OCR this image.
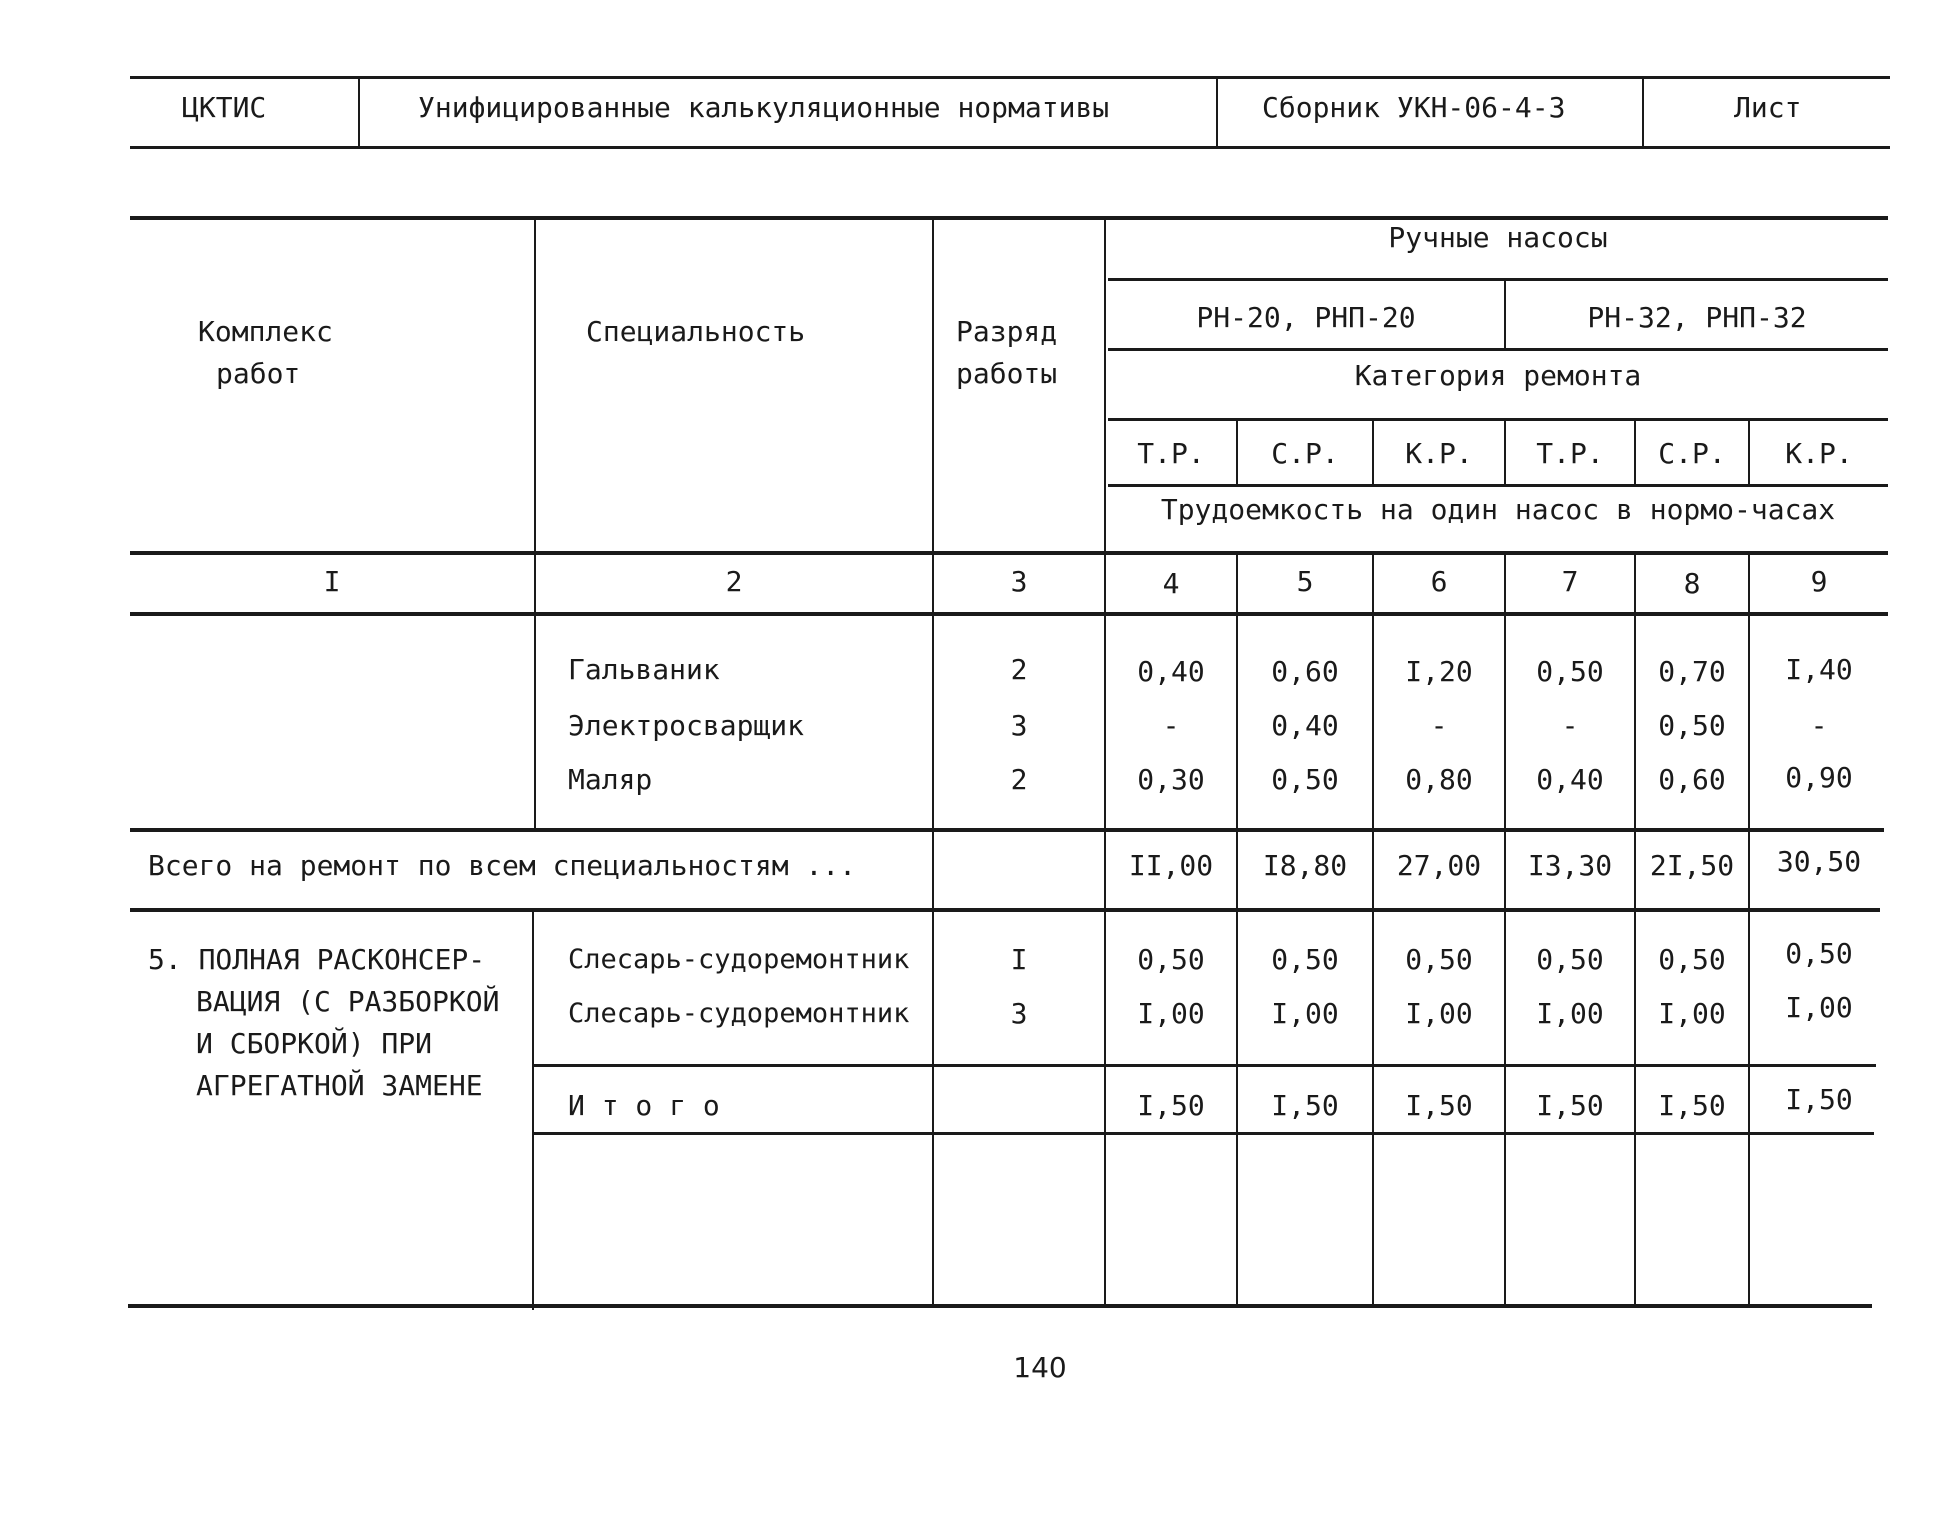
ЦКТИС	Унифицированные калькуляционные нормативы	Сборник УКН-06-4-3	Лист
Комплекс
работ
Специальность	Разряд
работы
Ручные насосы
РН-20, РНП-20	РН-32, РНП-32
Категория ремонта
Т.Р.	С.Р.	К.Р.	Т.Р.	С.Р.	К.Р.
Трудоемкость на один насос в нормо-часах
I	2	3	4	5	6	7	8	9
Гальваник	2	0,40	0,60	I,20	0,50	0,70	I,40
Электросварщик	3	-	0,40	-	-	0,50	-
Маляр	2	0,30	0,50	0,80	0,40	0,60	0,90
Всего на ремонт по всем специальностям ...	II,00	I8,80	27,00	I3,30	2I,50	30,50
5. ПОЛНАЯ РАСКОНСЕР-
ВАЦИЯ (С РАЗБОРКОЙ
И СБОРКОЙ) ПРИ
АГРЕГАТНОЙ ЗАМЕНЕ
Слесарь-судоремонтник	I	0,50	0,50	0,50	0,50	0,50	0,50
Слесарь-судоремонтник	3	I,00	I,00	I,00	I,00	I,00	I,00
И т о г о	I,50	I,50	I,50	I,50	I,50	I,50
140
